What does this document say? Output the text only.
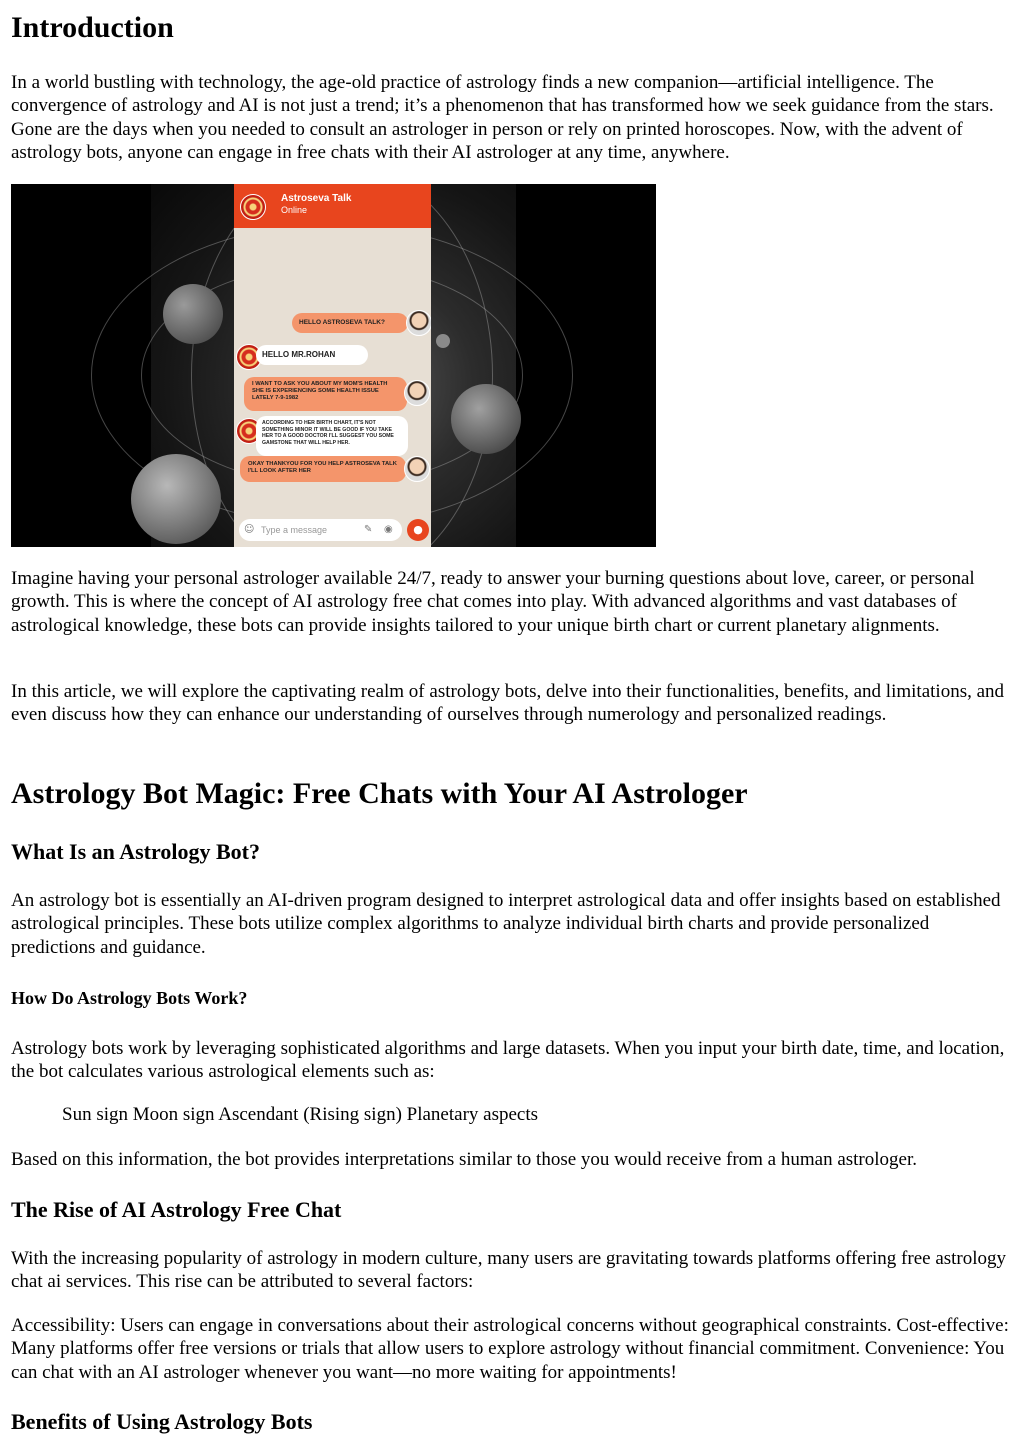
Introduction

In a world bustling with technology, the age-old practice of astrology finds a new companion—artificial intelligence. The convergence of astrology and AI is not just a trend; it’s a phenomenon that has transformed how we seek guidance from the stars. Gone are the days when you needed to consult an astrologer in person or rely on printed horoscopes. Now, with the advent of astrology bots, anyone can engage in free chats with their AI astrologer at any time, anywhere.

Astroseva Talk
Online
HELLO ASTROSEVA TALK?
HELLO MR.ROHAN
I WANT TO ASK YOU ABOUT MY MOM'S HEALTH SHE IS EXPERIENCING SOME HEALTH ISSUE LATELY 7-9-1982
ACCORDING TO HER BIRTH CHART, IT'S NOT SOMETHING MINOR IT WILL BE GOOD IF YOU TAKE HER TO A GOOD DOCTOR I'LL SUGGEST YOU SOME GAMSTONE THAT WILL HELP HER.
OKAY THANKYOU FOR YOU HELP ASTROSEVA TALK I'LL LOOK AFTER HER
☺ Type a message	✎ ◉	●

Imagine having your personal astrologer available 24/7, ready to answer your burning questions about love, career, or personal growth. This is where the concept of AI astrology free chat comes into play. With advanced algorithms and vast databases of astrological knowledge, these bots can provide insights tailored to your unique birth chart or current planetary alignments.

In this article, we will explore the captivating realm of astrology bots, delve into their functionalities, benefits, and limitations, and even discuss how they can enhance our understanding of ourselves through numerology and personalized readings.

Astrology Bot Magic: Free Chats with Your AI Astrologer
What Is an Astrology Bot?

An astrology bot is essentially an AI-driven program designed to interpret astrological data and offer insights based on established astrological principles. These bots utilize complex algorithms to analyze individual birth charts and provide personalized predictions and guidance.

How Do Astrology Bots Work?

Astrology bots work by leveraging sophisticated algorithms and large datasets. When you input your birth date, time, and location, the bot calculates various astrological elements such as:

Sun sign Moon sign Ascendant (Rising sign) Planetary aspects

Based on this information, the bot provides interpretations similar to those you would receive from a human astrologer.

The Rise of AI Astrology Free Chat

With the increasing popularity of astrology in modern culture, many users are gravitating towards platforms offering free astrology chat ai services. This rise can be attributed to several factors:

Accessibility: Users can engage in conversations about their astrological concerns without geographical constraints. Cost-effective: Many platforms offer free versions or trials that allow users to explore astrology without financial commitment. Convenience: You can chat with an AI astrologer whenever you want—no more waiting for appointments!

Benefits of Using Astrology Bots
